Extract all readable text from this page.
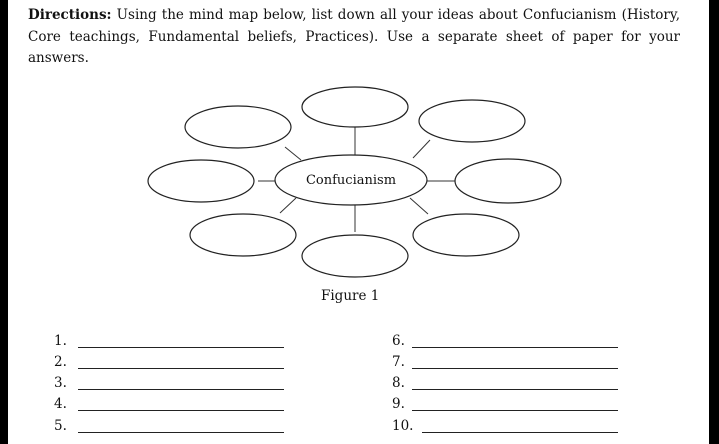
Directions: Using the mind map below, list down all your ideas about Confucianism (History, Core teachings, Fundamental beliefs, Practices). Use a separate sheet of paper for your answers.
Confucianism
Figure 1
1.
2.
3.
4.
5.
6.
7.
8.
9.
10.
